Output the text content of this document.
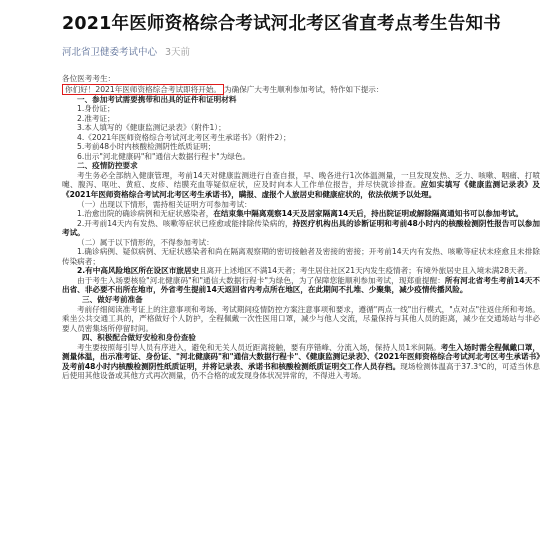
2021年医师资格综合考试河北考区省直考点考生告知书
河北省卫健委考试中心 3天前

各位医考考生：

你们好！2021年医师资格综合考试即将开始。 为确保广大考生顺利参加考试，特作如下提示：

一、参加考试需要携带和出具的证件和证明材料

1.身份证；

2.准考证；

3.本人填写的《健康监测记录表》（附件1）；

4.《2021年医师资格综合考试河北考区考生承诺书》（附件2）；

5.考前48小时内核酸检测阴性纸质证明；

6.出示"河北健康码"和"通信大数据行程卡"为绿色。

二、疫情防控要求

考生务必全部纳入健康管理，考前14天对健康监测进行自查自报，早、晚各进行1次体温测量，一旦发现发热、乏力、咳嗽、咽痛、打喷嚏、腹泻、呕吐、黄疸、皮疹、结膜充血等疑似症状，应及时向本人工作单位报告，并尽快就诊排查。应如实填写《健康监测记录表》及《2021年医师资格综合考试河北考区考生承诺书》，瞒报、虚报个人旅居史和健康症状的，依法依规予以处理。

（一）出现以下情形，需持相关证明方可参加考试：

1.治愈出院的确诊病例和无症状感染者，在结束集中隔离观察14天及居家隔离14天后，持出院证明或解除隔离通知书可以参加考试。

2.开考前14天内有发热、咳嗽等症状已痊愈或能排除传染病的，持医疗机构出具的诊断证明和考前48小时内的核酸检测阴性报告可以参加考试。

（二）属于以下情形的，不得参加考试：

1.确诊病例、疑似病例、无症状感染者和尚在隔离观察期的密切接触者及密接的密接；开考前14天内有发热、咳嗽等症状未痊愈且未排除传染病者；

2.有中高风险地区所在设区市旅居史且离开上述地区不满14天者；考生居住社区21天内发生疫情者；有境外旅居史且入境未满28天者。

由于考生入场要核验"河北健康码"和"通信大数据行程卡"为绿色，为了保障您能顺利参加考试，现郑重提醒：所有河北省考生考前14天不出省、非必要不出所在地市，外省考生提前14天返回省内考点所在地区，在此期间不扎堆、少聚集，减少疫情传播风险。

三、做好考前准备

考前仔细阅读准考证上的注意事项和考场、考试期间疫情防控方案注意事项和要求，遵循"两点一线"出行模式，"点对点"往返住所和考场。乘坐公共交通工具的，严格做好个人防护，全程佩戴一次性医用口罩，减少与他人交流，尽量保持与其他人员的距离，减少在交通场站与非必要人员密集场所停留时间。

四、积极配合做好安检和身份查验

考生要按照每引导人员有序进入，避免和无关人员近距离接触，要有序错峰、分流入场，保持人员1米间隔。考生入场时需全程佩戴口罩，测量体温，出示准考证、身份证、"河北健康码"和"通信大数据行程卡"、《健康监测记录表》、《2021年医师资格综合考试河北考区考生承诺书》及考前48小时内核酸检测阴性纸质证明，并将记录表、承诺书和核酸检测纸质证明交工作人员存档。现场检测体温高于37.3℃的，可适当休息后使用其他设备或其他方式再次测量，仍不合格的或发现身体状况异常的，不得进入考场。
